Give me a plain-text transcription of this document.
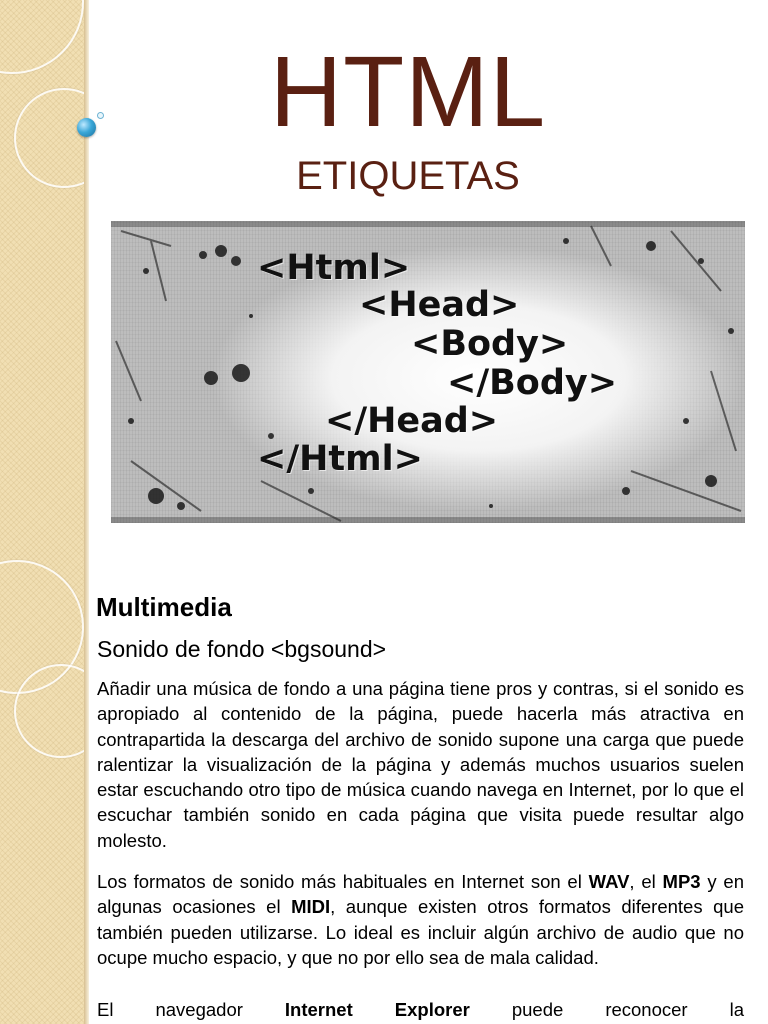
HTML
ETIQUETAS

<Html>

<Head>

<Body>

</Body>

</Head>

</Html>

Multimedia
Sonido de fondo <bgsound>

Añadir una música de fondo a una página tiene pros y contras, si el sonido es apropiado al contenido de la página, puede hacerla más atractiva en contrapartida la descarga del archivo de sonido supone una carga que puede ralentizar la visualización de la página y además muchos usuarios suelen estar escuchando otro tipo de música cuando navega en Internet, por lo que el escuchar también sonido en cada página que visita puede resultar algo molesto.

Los formatos de sonido más habituales en Internet son el WAV, el MP3 y en algunas ocasiones el MIDI, aunque existen otros formatos diferentes que también pueden utilizarse. Lo ideal es incluir algún archivo de audio que no ocupe mucho espacio, y que no por ello sea de mala calidad.

El navegador Internet Explorer puede reconocer la
